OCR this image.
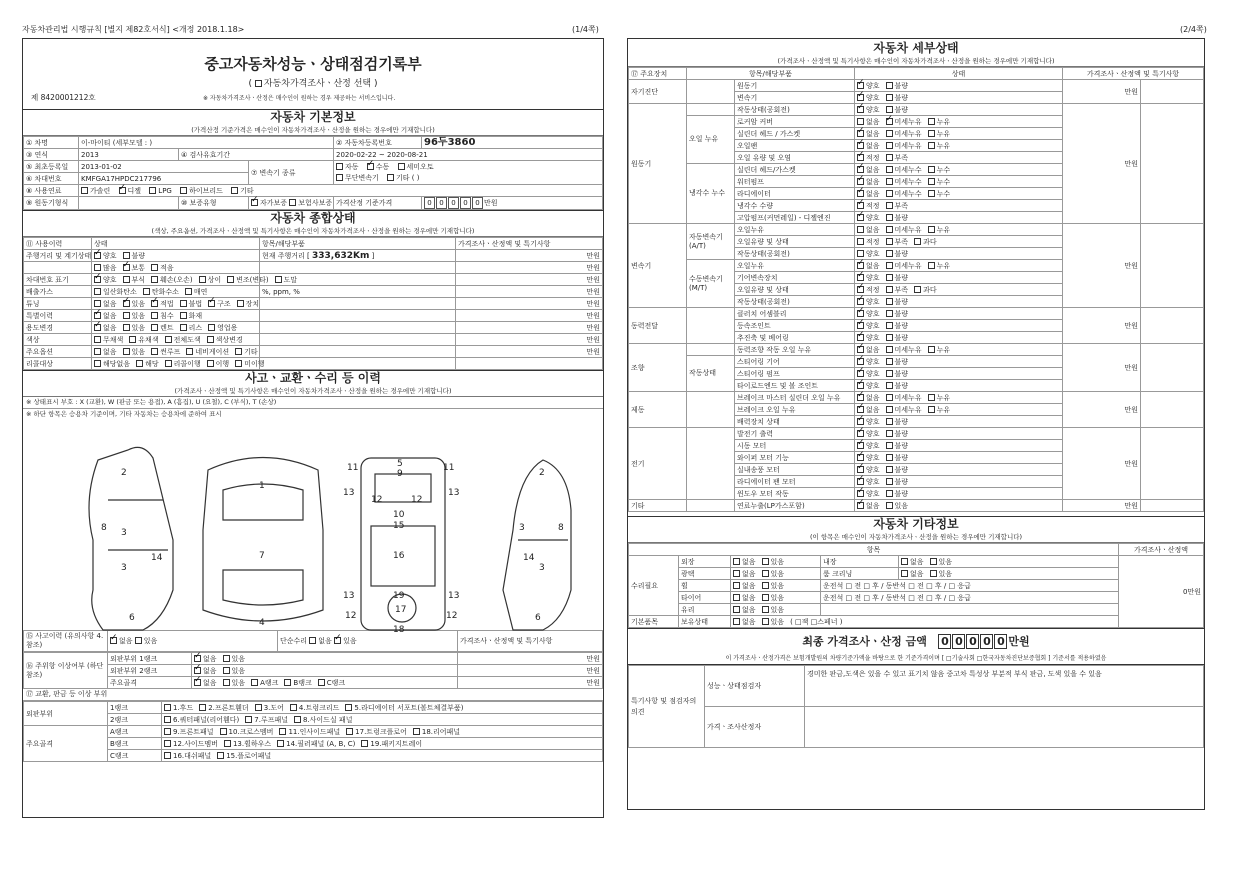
자동차관리법 시행규칙 [별지 제82호서식] <개정 2018.1.18>	(1/4쪽)	(2/4쪽)
중고자동차성능ㆍ상태점검기록부
( 자동차가격조사ㆍ산정 선택 )
제 8420001212호	※ 자동차가격조사ㆍ산정은 매수인이 원하는 경우 제공하는 서비스입니다.
자동차 기본정보
(가격산정 기준가격은 매수인이 자동차가격조사ㆍ산정을 원하는 경우에만 기재합니다)
① 차명	이-마이티 (세부모델 : )			② 자동차등록번호	96두3860
③ 연식	2013	④ 검사유효기간		2020-02-22 ~ 2020-08-21	
⑤ 최초등록일	2013-01-02		⑦ 변속기 종류	자동 ✓ 수동 세미오토
무단변속기 기타 ( )
⑥ 차대번호	KMFGA17HPDC217796				
⑧ 사용연료	가솔린 ✓ 디젤 LPG 하이브리드 기타
⑨ 원동기형식		⑩ 보증유형	✓자가보증 보험사보증	가격산정 기준가격	0 0 0 0 0 만원
자동차 종합상태
(색상, 주요옵션, 가격조사ㆍ산정액 및 특기사항은 매수인이 자동차가격조사ㆍ산정을 원하는 경우에만 기재합니다)
⑪ 사용이력	상태	항목/해당부품	가격조사ㆍ산정액 및 특기사항
주행거리 및 계기상태	✓양호 불량	현재 주행거리 [ 333,632Km ]	만원
	많음 ✓ 보통 적음		만원
차대번호 표기	✓양호 부식 훼손(오손) 상이 변조(변타) 도말		만원
배출가스	일산화탄소 탄화수소 매연	%, ppm, %	만원
튜닝	없음 ✓ 있음 ✓ 적법 불법 ✓ 구조 장치		만원
특별이력	✓없음 있음 침수 화재		만원
용도변경	✓없음 있음 렌트 리스 영업용		만원
색상	무채색 유채색 전체도색 색상변경		만원
주요옵션	없음 있음 썬루프 네비게이션 기타		만원
리콜대상	해당없음 해당 리콜이행 이행 미이행		
사고ㆍ교환ㆍ수리 등 이력
(가격조사ㆍ산정액 및 특기사항은 매수인이 자동차가격조사ㆍ산정을 원하는 경우에만 기재합니다)
※ 상태표시 부호 : X (교환), W (판금 또는 용접), A (흠집), U (요철), C (부식), T (손상)
※ 하단 항목은 승용차 기준이며, 기타 자동차는 승용차에 준하여 표시
2
3
8
14
3
6
1
7
4
5
9
11	11
13	13
12	12
10
15
16
13	19	13
12	12
17
18
2
3	8
14
3
6
⑮ 사고이력 (유의사항 4. 참조)	✓없음 있음	단순수리 없음 ✓ 있음	가격조사ㆍ산정액 및 특기사항
⑯ 주위항 이상여부 (하단참조)	외판부위 1랭크	✓없음 있음	만원
	외판부위 2랭크	✓없음 있음	만원
	주요골격	✓없음 있음 A랭크 B랭크 C랭크	만원
⑰ 교환, 판금 등 이상 부위
외판부위	1랭크	1.후드 2.프론트휀더 3.도어 4.트렁크리드 5.라디에이터 서포트(볼트체결부품)
	2랭크	6.쿼터패널(리어휀다) 7.루프패널 8.사이드실 패널
주요골격	A랭크	9.프론트패널 10.크로스멤버 11.인사이드패널 17.트렁크플로어 18.리어패널
	B랭크	12.사이드멤버 13.휠하우스 14.필러패널 (A, B, C) 19.패키지트레이
	C랭크	16.대쉬패널 15.플로어패널
자동차 세부상태
(가격조사ㆍ산정액 및 특기사항은 매수인이 자동차가격조사ㆍ산정을 원하는 경우에만 기재합니다)
⑰ 주요장치	항목/해당부품		상태	가격조사ㆍ산정액 및 특기사항	
자기진단		원동기	✓양호 불량	만원	
		변속기	✓양호 불량
원동기		작동상태(공회전)	✓양호 불량	만원	
	오일 누유	로커암 커버	없음 ✓ 미세누유 누유
		실린더 헤드 / 가스켓	✓없음 미세누유 누유
		오일팬	✓없음 미세누유 누유
		오일 유량 및 오염	✓적정 부족
	냉각수 누수	실린더 헤드/가스켓	✓없음 미세누수 누수
		워터펌프	✓없음 미세누수 누수
		라디에이터	✓없음 미세누수 누수
		냉각수 수량	✓적정 부족
		고압펌프(커먼레일) - 디젤엔진	✓양호 불량
변속기	자동변속기 (A/T)	오일누유	없음 미세누유 누유	만원	
		오일유량 및 상태	적정 부족 과다		
		작동상태(공회전)	양호 불량		
	수동변속기 (M/T)	오일누유	✓없음 미세누유 누유
		기어변속장치	✓양호 불량
		오일유량 및 상태	✓적정 부족 과다
		작동상태(공회전)	✓양호 불량
동력전달		클러치 어셈블리	✓양호 불량	만원	
		등속조인트	✓양호 불량
		추진축 및 베어링	✓양호 불량
조향		동력조향 작동 오일 누유	✓없음 미세누유 누유	만원	
	작동상태	스티어링 기어	✓양호 불량
		스티어링 펌프	✓양호 불량
		타이로드엔드 및 볼 조인트	✓양호 불량
제동		브레이크 마스터 실린더 오일 누유	✓없음 미세누유 누유	만원	
		브레이크 오일 누유	✓없음 미세누유 누유
		배력장치 상태	✓양호 불량
전기		발전기 출력	✓양호 불량	만원	
		시동 모터	✓양호 불량
		와이퍼 모터 기능	✓양호 불량
		실내송풍 모터	✓양호 불량
		라디에이터 팬 모터	✓양호 불량
		윈도우 모터 작동	✓양호 불량
기타		연료누출(LP가스포함)	✓없음 있음	만원	
자동차 기타정보
(이 항목은 매수인이 자동차가격조사ㆍ산정을 원하는 경우에만 기재합니다)
항목					가격조사ㆍ산정액
수리필요	외장	없음 있음	내장	없음 있음	0만원
	광택	없음 있음	룸 크리닝	없음 있음	
	휠	없음 있음	운전석 □ 전 □ 후 / 동반석 □ 전 □ 후 / □ 응급		
	타이어	없음 있음	운전석 □ 전 □ 후 / 동반석 □ 전 □ 후 / □ 응급		
	유리	없음 있음			
기본품목	보유상태	없음 있음 ( □잭 □스페너 )			
최종 가격조사ㆍ산정 금액 0 0 0 0 0 만원
이 가격조사ㆍ산정가격은 보험개발원의 차량기준가액을 바탕으로 한 기준가격이며 [ □기술사회 □한국자동차진단보증협회 ] 기준서를 적용하였음
특기사항 및 점검자의 의견	성능ㆍ상태점검자	경미한 판금,도색은 있을 수 있고 표기치 않음 중고차 특성상 부분적 부식 판금, 도색 있을 수 있음
	가격ㆍ조사산정자	
